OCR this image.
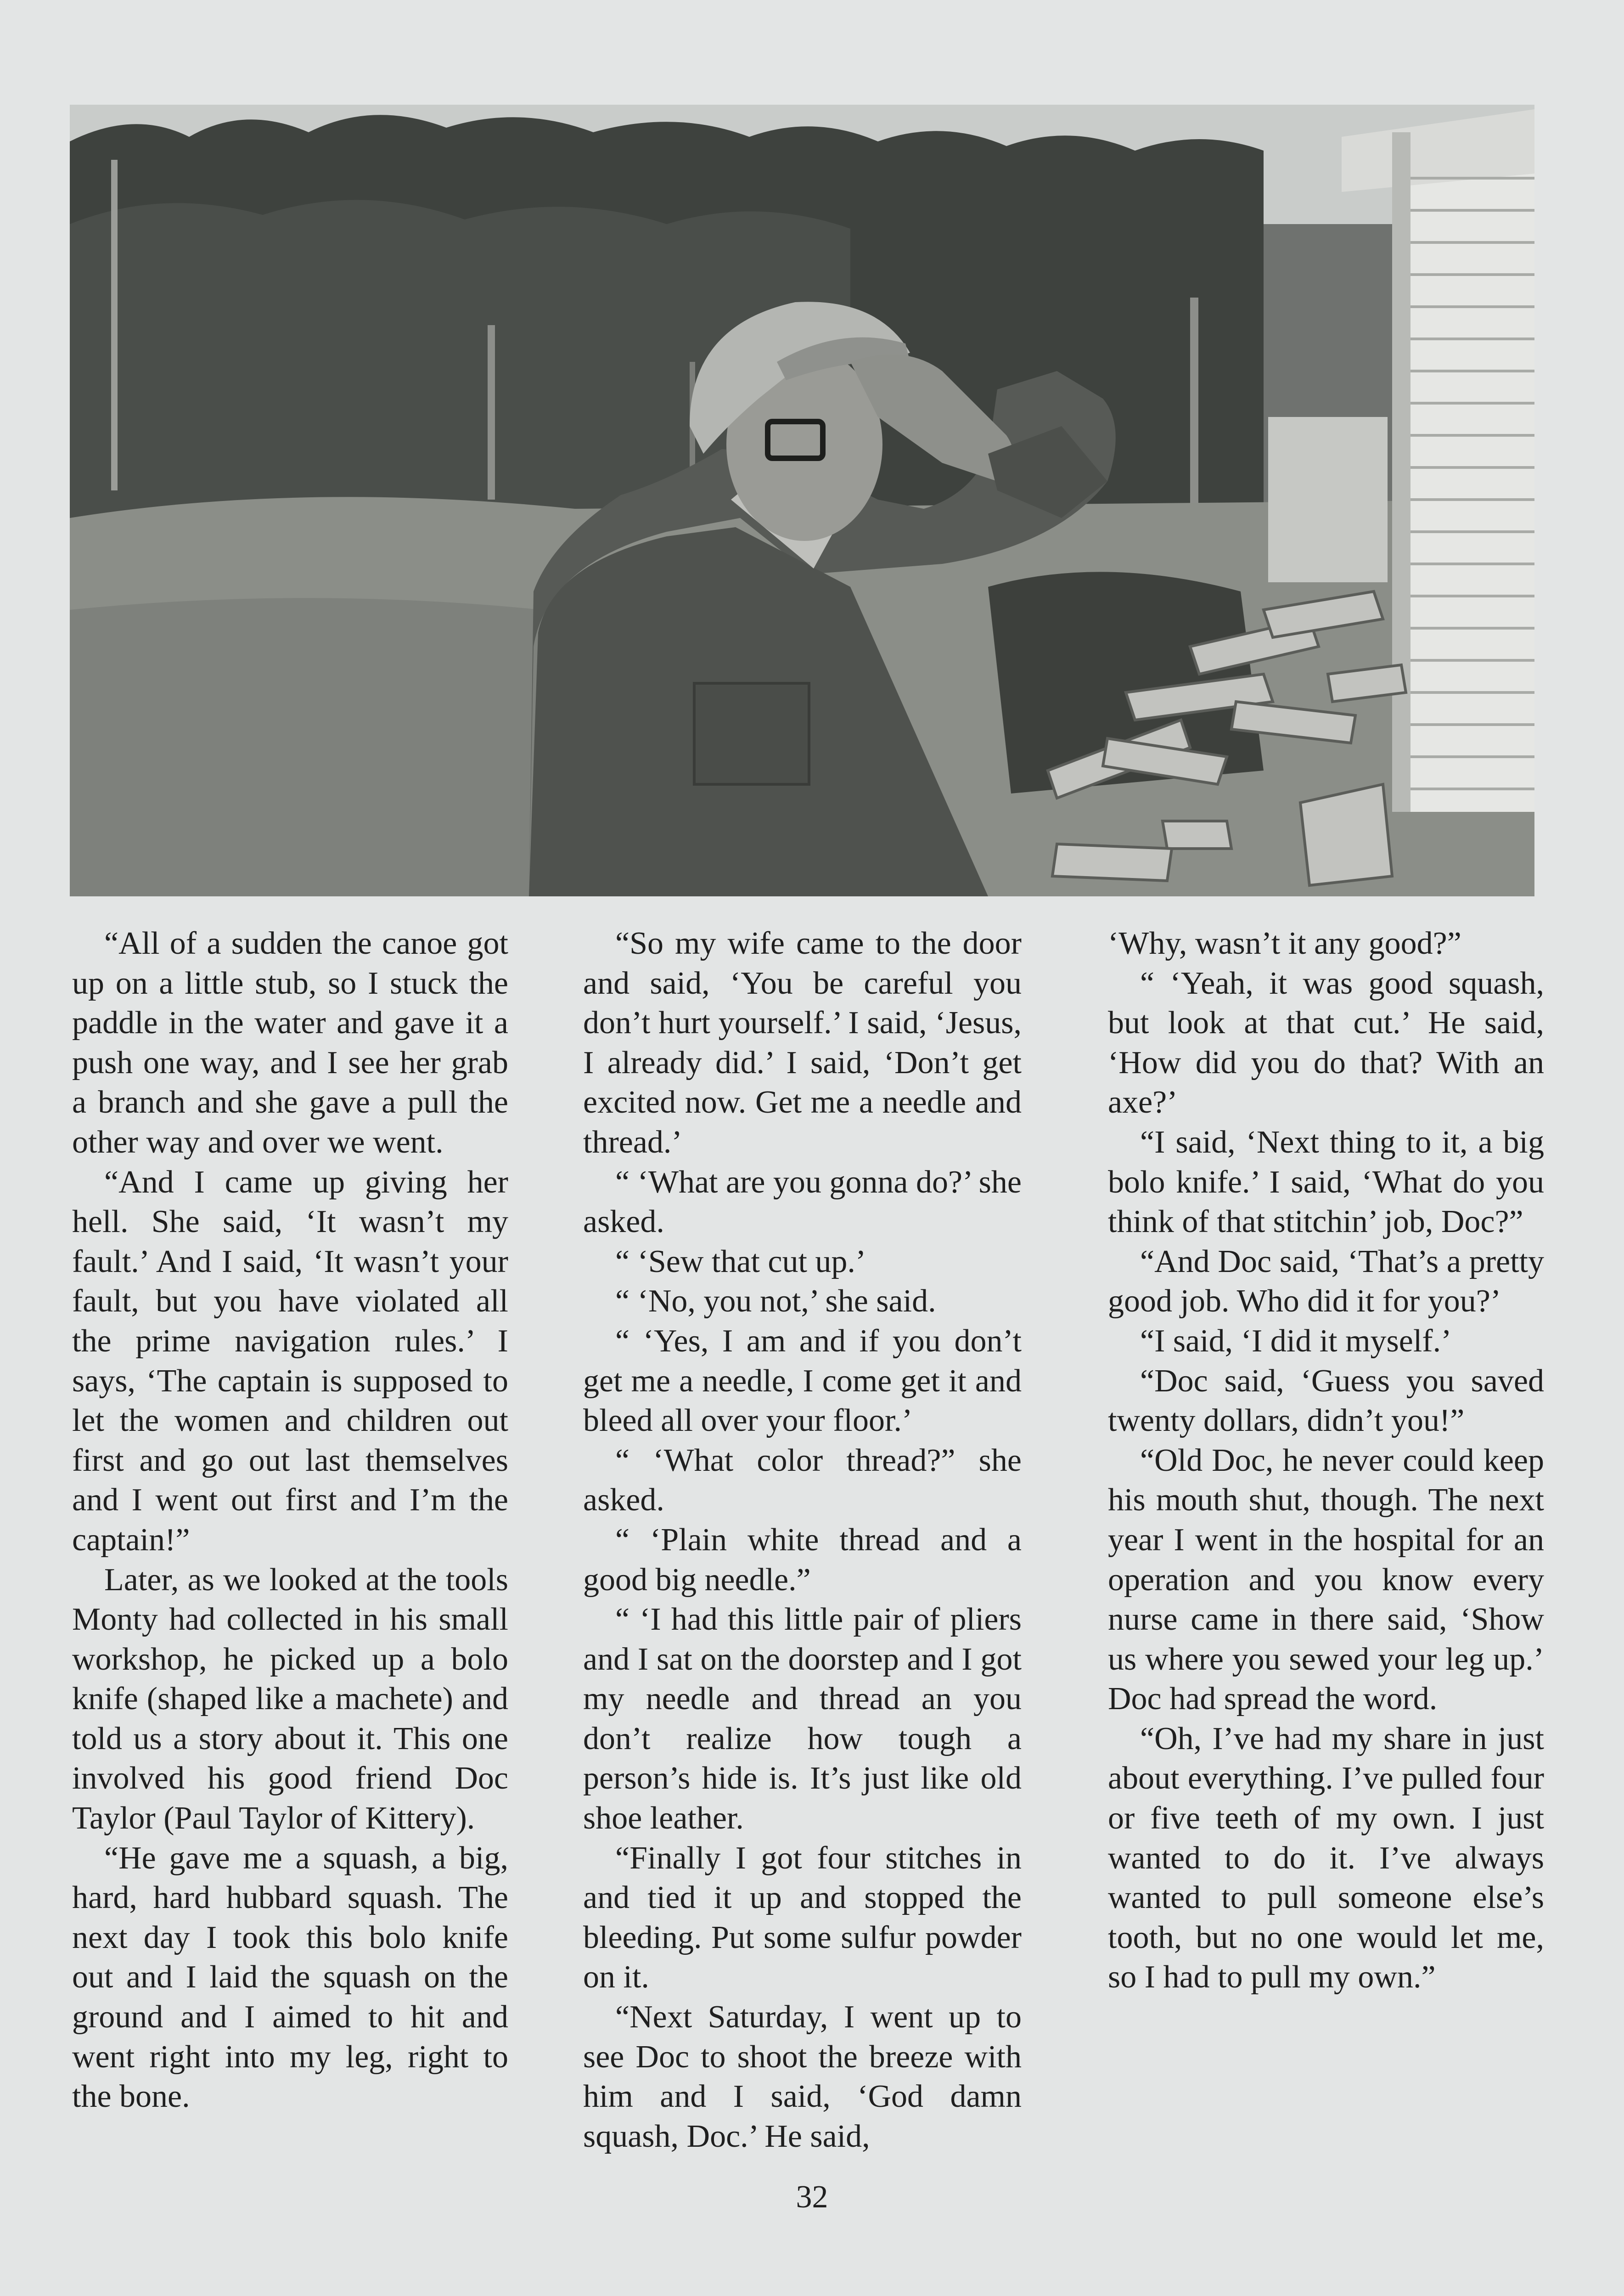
“All of a sudden the canoe got up on a little stub, so I stuck the paddle in the water and gave it a push one way, and I see her grab a branch and she gave a pull the other way and over we went.

“And I came up giving her hell. She said, ‘It wasn’t my fault.’ And I said, ‘It wasn’t your fault, but you have violated all the prime navigation rules.’ I says, ‘The captain is supposed to let the women and children out first and go out last themselves and I went out first and I’m the captain!”

Later, as we looked at the tools Monty had collected in his small workshop, he picked up a bolo knife (shaped like a machete) and told us a story about it. This one involved his good friend Doc Taylor (Paul Taylor of Kittery).

“He gave me a squash, a big, hard, hard hubbard squash. The next day I took this bolo knife out and I laid the squash on the ground and I aimed to hit and went right into my leg, right to the bone.

“So my wife came to the door and said, ‘You be careful you don’t hurt yourself.’ I said, ‘Jesus, I already did.’ I said, ‘Don’t get excited now. Get me a needle and thread.’

“ ‘What are you gonna do?’ she asked.

“ ‘Sew that cut up.’

“ ‘No, you not,’ she said.

“ ‘Yes, I am and if you don’t get me a needle, I come get it and bleed all over your floor.’

“ ‘What color thread?” she asked.

“ ‘Plain white thread and a good big needle.”

“ ‘I had this little pair of pliers and I sat on the doorstep and I got my needle and thread an you don’t realize how tough a person’s hide is. It’s just like old shoe leather.

“Finally I got four stitches in and tied it up and stopped the bleeding. Put some sulfur powder on it.

“Next Saturday, I went up to see Doc to shoot the breeze with him and I said, ‘God damn squash, Doc.’ He said,

‘Why, wasn’t it any good?”

“ ‘Yeah, it was good squash, but look at that cut.’ He said, ‘How did you do that? With an axe?’

“I said, ‘Next thing to it, a big bolo knife.’ I said, ‘What do you think of that stitchin’ job, Doc?”

“And Doc said, ‘That’s a pretty good job. Who did it for you?’

“I said, ‘I did it myself.’

“Doc said, ‘Guess you saved twenty dollars, didn’t you!”

“Old Doc, he never could keep his mouth shut, though. The next year I went in the hospital for an operation and you know every nurse came in there said, ‘Show us where you sewed your leg up.’ Doc had spread the word.

“Oh, I’ve had my share in just about everything. I’ve pulled four or five teeth of my own. I just wanted to do it. I’ve always wanted to pull someone else’s tooth, but no one would let me, so I had to pull my own.”

32
